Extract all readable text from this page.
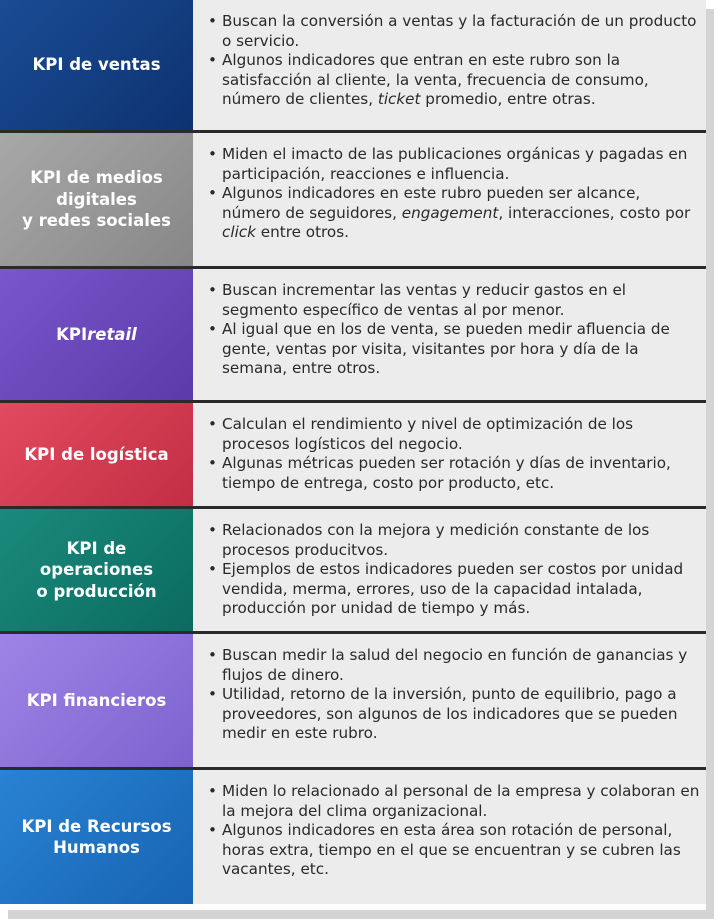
KPI de ventas
• Buscan la conversión a ventas y la facturación de un producto o servicio.
• Algunos indicadores que entran en este rubro son la satisfacción al cliente, la venta, frecuencia de consumo, número de clientes, ticket promedio, entre otras.
KPI de medios
digitales
y redes sociales
• Miden el imacto de las publicaciones orgánicas y pagadas en participación, reacciones e influencia.
• Algunos indicadores en este rubro pueden ser alcance, número de seguidores, engagement, interacciones, costo por click entre otros.
KPI retail
• Buscan incrementar las ventas y reducir gastos en el segmento específico de ventas al por menor.
• Al igual que en los de venta, se pueden medir afluencia de gente, ventas por visita, visitantes por hora y día de la semana, entre otros.
KPI de logística
• Calculan el rendimiento y nivel de optimización de los procesos logísticos del negocio.
• Algunas métricas pueden ser rotación y días de inventario, tiempo de entrega, costo por producto, etc.
KPI de operaciones
o producción
• Relacionados con la mejora y medición constante de los procesos producitvos.
• Ejemplos de estos indicadores pueden ser costos por unidad vendida, merma, errores, uso de la capacidad intalada, producción por unidad de tiempo y más.
KPI financieros
• Buscan medir la salud del negocio en función de ganancias y flujos de dinero.
• Utilidad, retorno de la inversión, punto de equilibrio, pago a proveedores, son algunos de los indicadores que se pueden medir en este rubro.
KPI de Recursos
Humanos
• Miden lo relacionado al personal de la empresa y colaboran en la mejora del clima organizacional.
• Algunos indicadores en esta área son rotación de personal, horas extra, tiempo en el que se encuentran y se cubren las vacantes, etc.
